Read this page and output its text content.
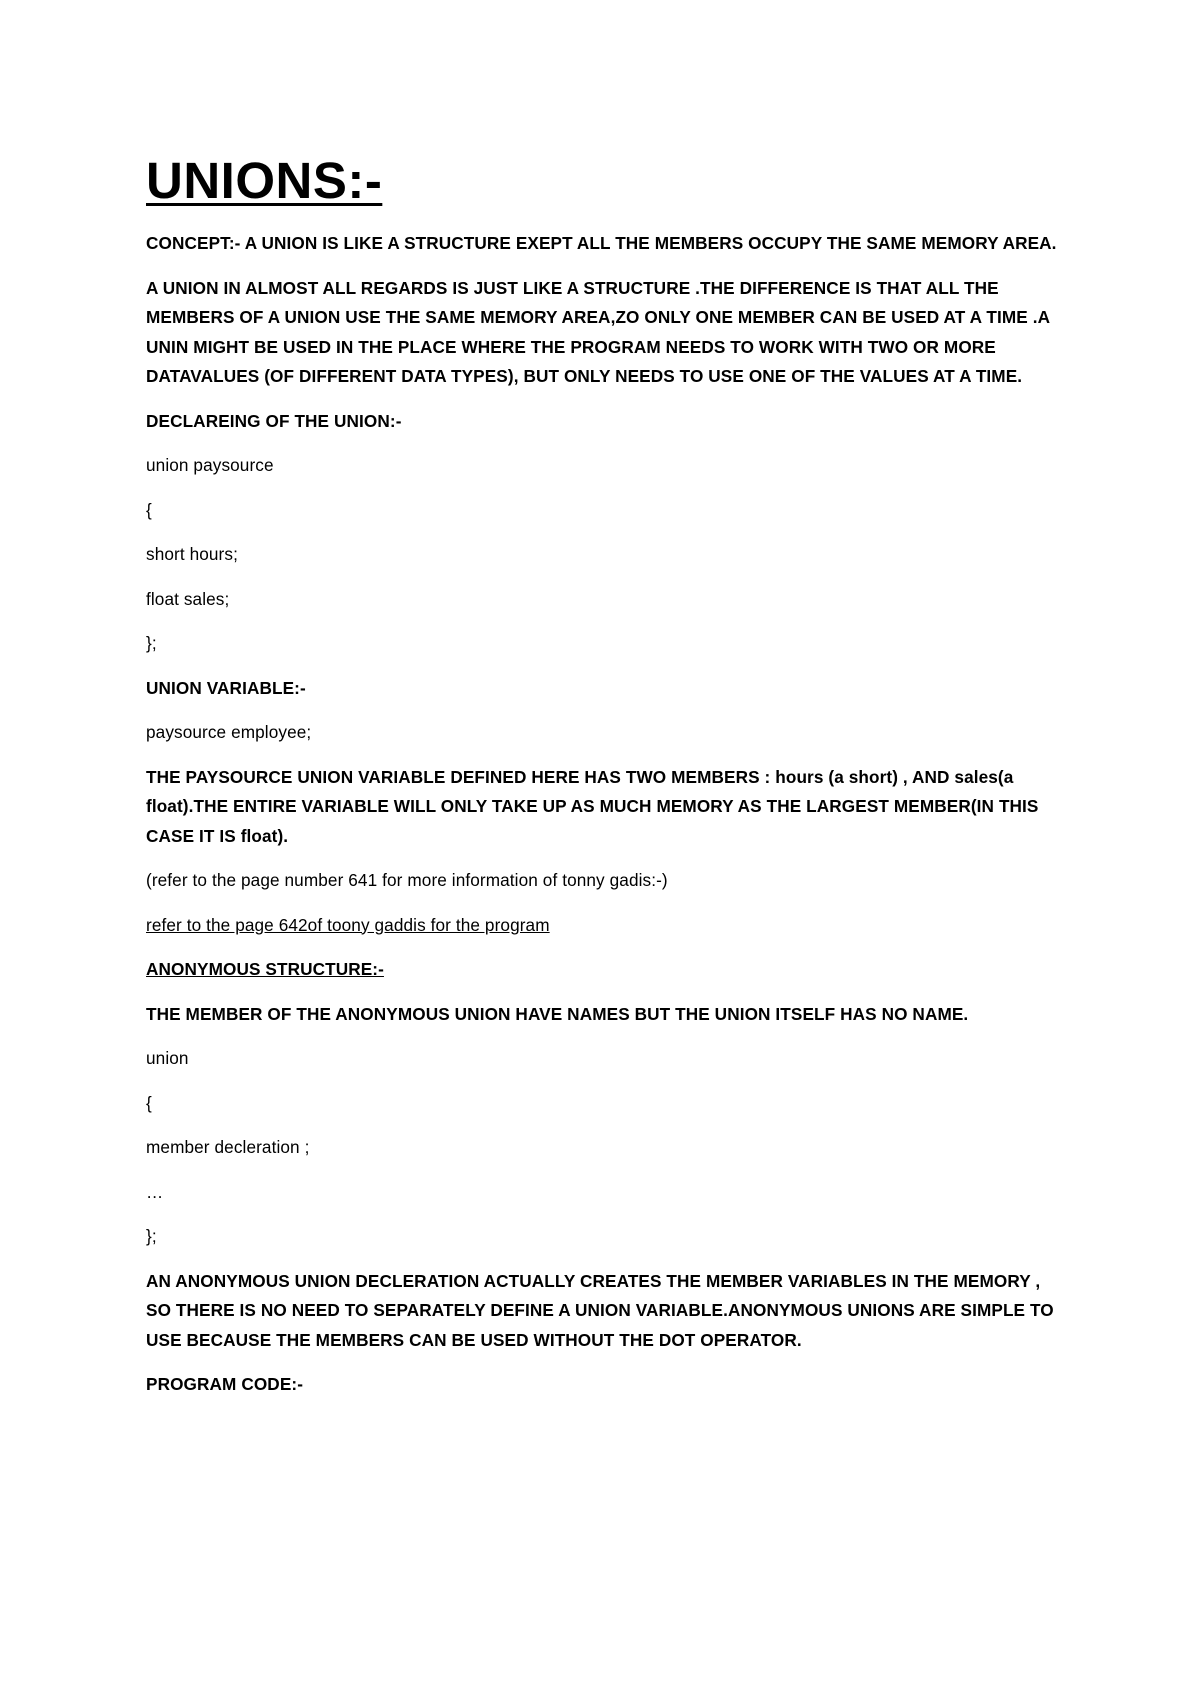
UNIONS:-
CONCEPT:- A UNION IS LIKE A STRUCTURE EXEPT ALL THE MEMBERS OCCUPY THE SAME MEMORY AREA.
A UNION IN ALMOST ALL REGARDS IS JUST LIKE A STRUCTURE .THE DIFFERENCE IS THAT ALL THE MEMBERS OF A UNION USE THE SAME MEMORY AREA,ZO ONLY ONE MEMBER CAN BE USED AT A TIME .A UNIN MIGHT BE USED IN THE PLACE WHERE THE PROGRAM NEEDS TO WORK WITH TWO OR MORE DATAVALUES (OF DIFFERENT DATA TYPES), BUT ONLY NEEDS TO USE ONE OF THE VALUES AT A TIME.
DECLAREING OF THE UNION:-
union paysource
{
short hours;
float sales;
};
UNION VARIABLE:-
paysource employee;
THE PAYSOURCE UNION VARIABLE DEFINED HERE HAS TWO MEMBERS : hours (a short) , AND sales(a float).THE ENTIRE VARIABLE WILL ONLY TAKE UP AS MUCH MEMORY AS THE LARGEST MEMBER(IN THIS CASE IT IS float).
(refer to the page number 641 for more information of tonny gadis:-)
refer to the page 642of toony gaddis for the program
ANONYMOUS STRUCTURE:-
THE MEMBER OF THE ANONYMOUS UNION HAVE NAMES BUT THE UNION ITSELF HAS NO NAME.
union
{
member decleration ;
…
};
AN ANONYMOUS UNION DECLERATION ACTUALLY CREATES THE MEMBER VARIABLES IN THE MEMORY , SO THERE IS NO NEED TO SEPARATELY DEFINE A UNION VARIABLE.ANONYMOUS UNIONS ARE SIMPLE TO USE BECAUSE THE MEMBERS CAN BE USED WITHOUT THE DOT OPERATOR.
PROGRAM CODE:-
